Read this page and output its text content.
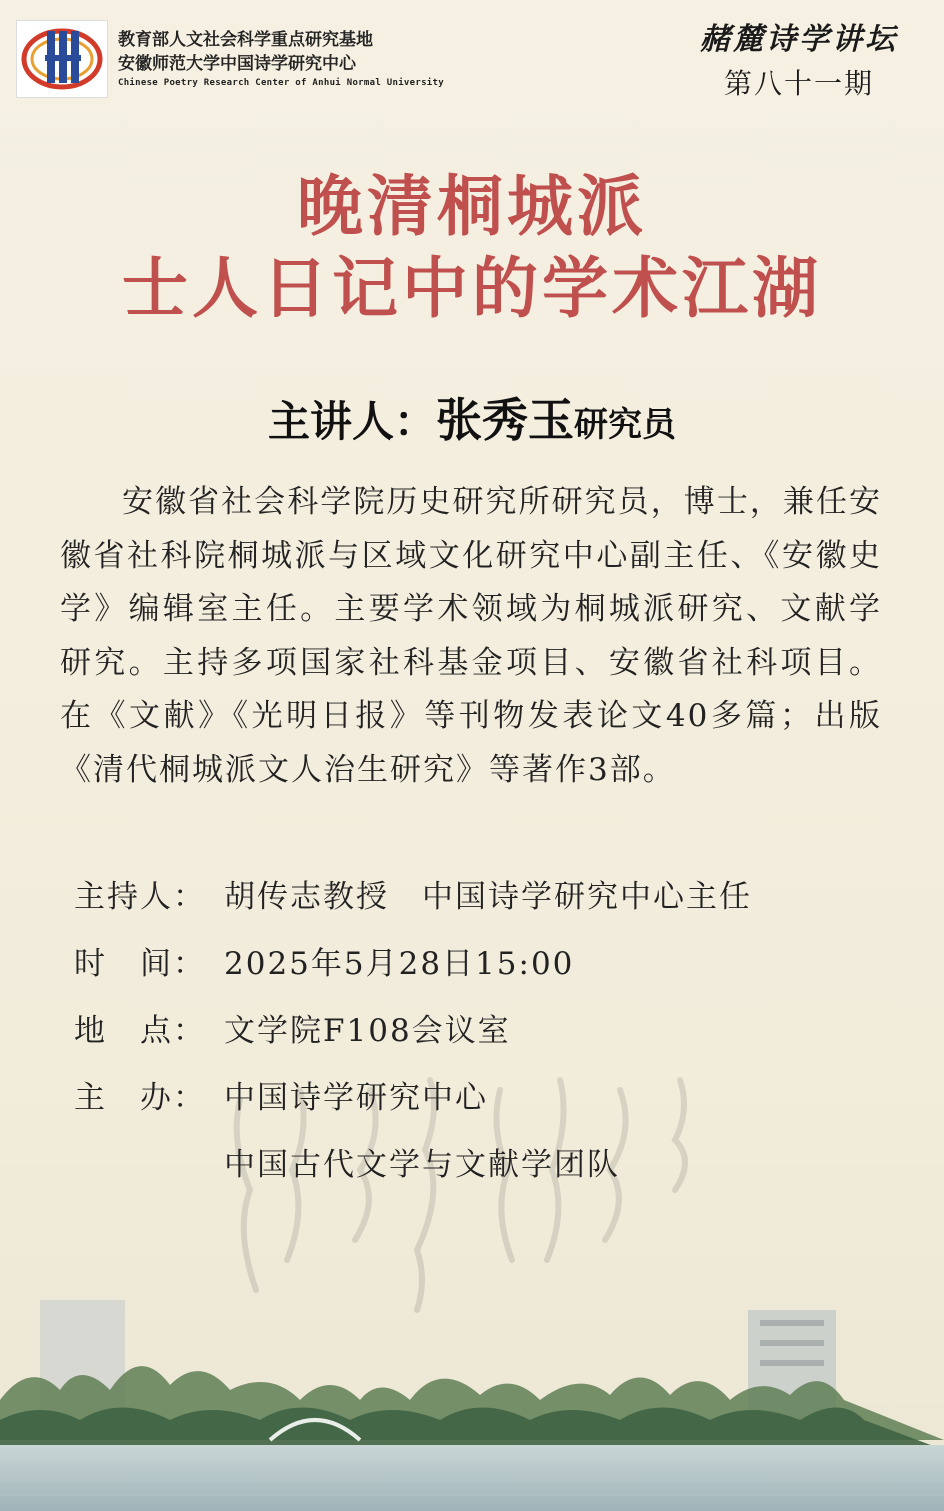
教育部人文社会科学重点研究基地
安徽师范大学中国诗学研究中心
Chinese Poetry Research Center of Anhui Normal University
赭麓诗学讲坛
第八十一期
晚清桐城派
士人日记中的学术江湖
主讲人：张秀玉研究员
安徽省社会科学院历史研究所研究员，博士，兼任安徽省社科院桐城派与区域文化研究中心副主任、《安徽史学》编辑室主任。主要学术领域为桐城派研究、文献学研究。主持多项国家社科基金项目、安徽省社科项目。在《文献》《光明日报》等刊物发表论文40多篇；出版《清代桐城派文人治生研究》等著作3部。
主持人： 胡传志教授　中国诗学研究中心主任
时　间： 2025年5月28日15:00
地　点： 文学院F108会议室
主　办： 中国诗学研究中心
中国古代文学与文献学团队
